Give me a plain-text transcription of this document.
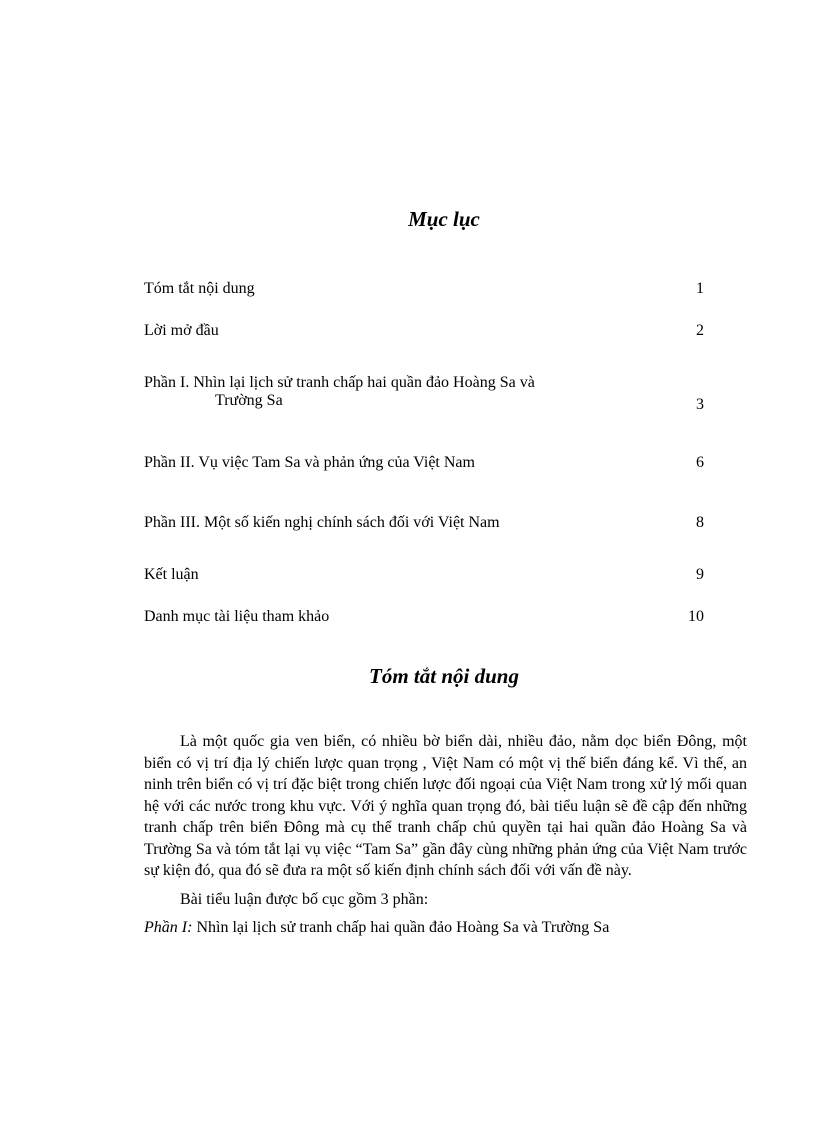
Mục lục
Tóm tắt nội dung	1
Lời mở đầu	2
Phần I. Nhìn lại lịch sử tranh chấp hai quần đảo Hoàng Sa và
Trường Sa	3
Phần II. Vụ việc Tam Sa và phản ứng của Việt Nam	6
Phần III. Một số kiến nghị chính sách đối với Việt Nam	8
Kết luận	9
Danh mục tài liệu tham khảo	10
Tóm tắt nội dung

Là một quốc gia ven biển, có nhiều bờ biển dài, nhiều đảo, nằm dọc biển Đông, một biển có vị trí địa lý chiến lược quan trọng , Việt Nam có một vị thế biển đáng kể. Vì thế, an ninh trên biển có vị trí đặc biệt trong chiến lược đối ngoại của Việt Nam trong xử lý mối quan hệ với các nước trong khu vực. Với ý nghĩa quan trọng đó, bài tiểu luận sẽ đề cập đến những tranh chấp trên biển Đông mà cụ thể tranh chấp chủ quyền tại hai quần đảo Hoàng Sa và Trường Sa và tóm tắt lại vụ việc “Tam Sa” gần đây cùng những phản ứng của Việt Nam trước sự kiện đó, qua đó sẽ đưa ra một số kiến định chính sách đối với vấn đề này.

Bài tiểu luận được bố cục gồm 3 phần:

Phần I: Nhìn lại lịch sử tranh chấp hai quần đảo Hoàng Sa và Trường Sa
